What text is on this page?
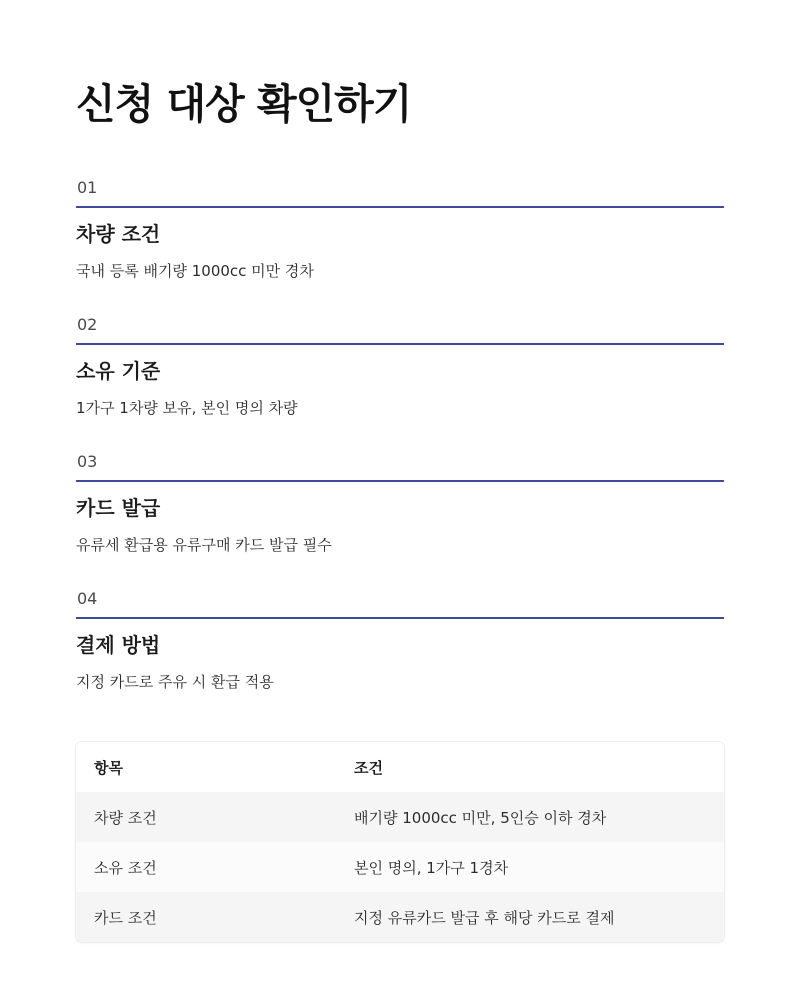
신청 대상 확인하기
01
차량 조건

국내 등록 배기량 1000cc 미만 경차

02
소유 기준

1가구 1차량 보유, 본인 명의 차량

03
카드 발급

유류세 환급용 유류구매 카드 발급 필수

04
결제 방법

지정 카드로 주유 시 환급 적용

항목	조건
차량 조건	배기량 1000cc 미만, 5인승 이하 경차
소유 조건	본인 명의, 1가구 1경차
카드 조건	지정 유류카드 발급 후 해당 카드로 결제
